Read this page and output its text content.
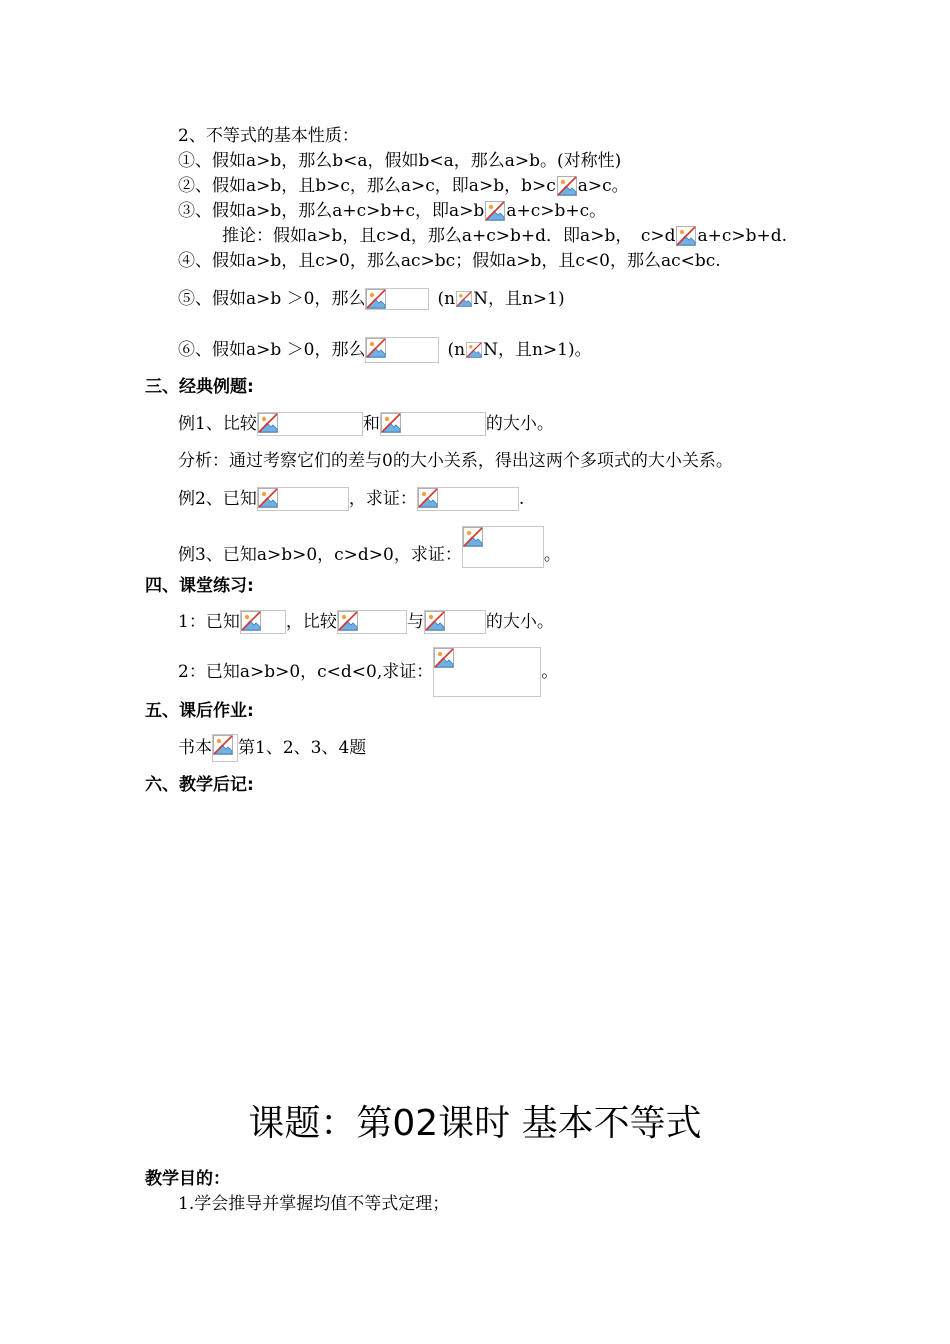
2、不等式的基本性质：
①、假如a>b，那么b<a，假如b<a，那么a>b。(对称性)
②、假如a>b，且b>c，那么a>c，即a>b，b>c a>c。
③、假如a>b，那么a+c>b+c，即a>b a+c>b+c。
推论：假如a>b，且c>d，那么a+c>b+d．即a>b，　c>d a+c>b+d.
④、假如a>b，且c>0，那么ac>bc；假如a>b，且c<0，那么ac<bc.
⑤、假如a>b ＞0，那么	(n N，且n>1)
⑥、假如a>b ＞0，那么	(n N，且n>1)。
三、经典例题:
例1、比较	和	的大小。
分析：通过考察它们的差与0的大小关系，得出这两个多项式的大小关系。
例2、已知	，求证：	.
例3、已知a>b>0，c>d>0，求证：	。
四、课堂练习:
1：已知	，比较	与	的大小。
2：已知a>b>0，c<d<0,求证：	。
五、课后作业:
书本 第1、2、3、4题
六、教学后记:
课题：第02课时 基本不等式
教学目的：
1.学会推导并掌握均值不等式定理；
